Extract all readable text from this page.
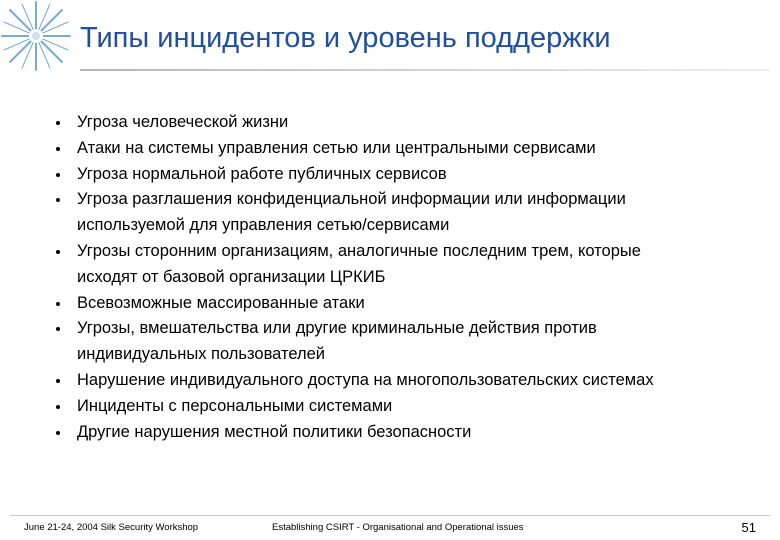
Типы инцидентов и уровень поддержки
Угроза человеческой жизни
Атаки на системы управления сетью или центральными сервисами
Угроза нормальной работе публичных сервисов
Угроза разглашения конфиденциальной информации или информации
используемой для управления сетью/сервисами
Угрозы сторонним организациям, аналогичные последним трем, которые
исходят от базовой организации ЦРКИБ
Всевозможные массированные атаки
Угрозы, вмешательства или другие криминальные действия против
индивидуальных пользователей
Нарушение индивидуального доступа на многопользовательских системах
Инциденты с персональными системами
Другие нарушения местной политики безопасности
June 21-24, 2004 Silk Security Workshop	Establishing CSIRT - Organisational and Operational issues	51
